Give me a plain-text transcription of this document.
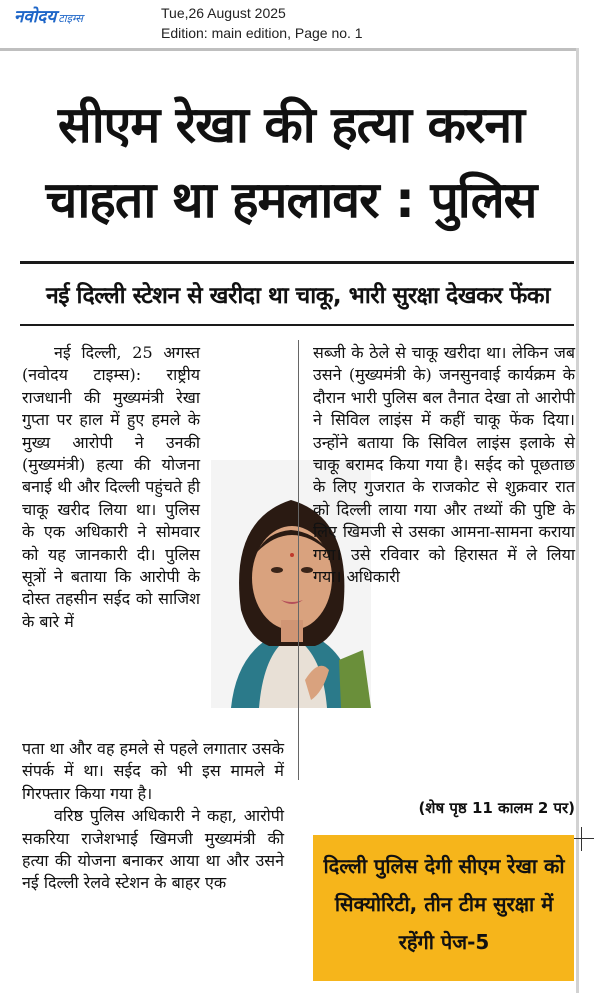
नवोदय टाइम्स	Tue,26 August 2025
Edition: main edition, Page no. 1
सीएम रेखा की हत्या करना
चाहता था हमलावर : पुलिस
नई दिल्ली स्टेशन से खरीदा था चाकू, भारी सुरक्षा देखकर फेंका

नई दिल्ली, 25 अगस्त (नवोदय टाइम्स): राष्ट्रीय राजधानी की मुख्यमंत्री रेखा गुप्ता पर हाल में हुए हमले के मुख्य आरोपी ने उनकी (मुख्यमंत्री) हत्या की योजना बनाई थी और दिल्ली पहुंचते ही चाकू खरीद लिया था। पुलिस के एक अधिकारी ने सोमवार को यह जानकारी दी। पुलिस सूत्रों ने बताया कि आरोपी के दोस्त तहसीन सईद को साजिश के बारे में

पता था और वह हमले से पहले लगातार उसके संपर्क में था। सईद को भी इस मामले में गिरफ्तार किया गया है।

वरिष्ठ पुलिस अधिकारी ने कहा, आरोपी सकरिया राजेशभाई खिमजी मुख्यमंत्री की हत्या की योजना बनाकर आया था और उसने नई दिल्ली रेलवे स्टेशन के बाहर एक

सब्जी के ठेले से चाकू खरीदा था। लेकिन जब उसने (मुख्यमंत्री के) जनसुनवाई कार्यक्रम के दौरान भारी पुलिस बल तैनात देखा तो आरोपी ने सिविल लाइंस में कहीं चाकू फेंक दिया। उन्होंने बताया कि सिविल लाइंस इलाके से चाकू बरामद किया गया है। सईद को पूछताछ के लिए गुजरात के राजकोट से शुक्रवार रात को दिल्ली लाया गया और तथ्यों की पुष्टि के लिए खिमजी से उसका आमना-सामना कराया गया। उसे रविवार को हिरासत में ले लिया गया। अधिकारी

(शेष पृष्ठ 11 कालम 2 पर)
दिल्ली पुलिस देगी सीएम रेखा को सिक्योरिटी, तीन टीम सुरक्षा में रहेंगी पेज-5
